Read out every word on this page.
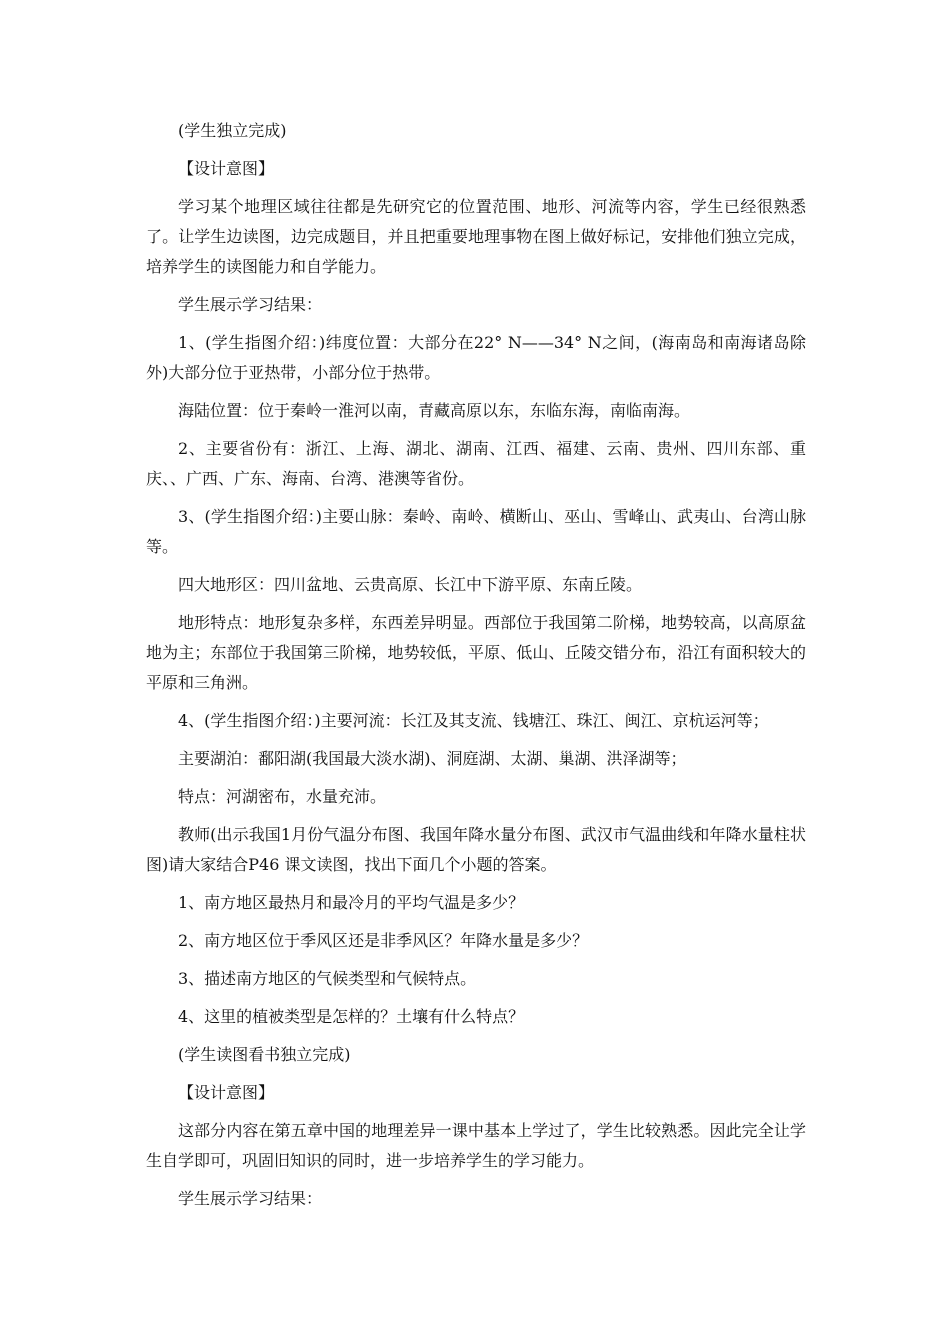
(学生独立完成)

【设计意图】

学习某个地理区域往往都是先研究它的位置范围、地形、河流等内容，学生已经很熟悉了。让学生边读图，边完成题目，并且把重要地理事物在图上做好标记，安排他们独立完成，培养学生的读图能力和自学能力。

学生展示学习结果：

1、(学生指图介绍：)纬度位置：大部分在22° N——34° N之间，(海南岛和南海诸岛除外)大部分位于亚热带，小部分位于热带。

海陆位置：位于秦岭一淮河以南，青藏高原以东，东临东海，南临南海。

2、主要省份有：浙江、上海、湖北、湖南、江西、福建、云南、贵州、四川东部、重庆、、广西、广东、海南、台湾、港澳等省份。

3、(学生指图介绍：)主要山脉：秦岭、南岭、横断山、巫山、雪峰山、武夷山、台湾山脉等。

四大地形区：四川盆地、云贵高原、长江中下游平原、东南丘陵。

地形特点：地形复杂多样，东西差异明显。西部位于我国第二阶梯，地势较高，以高原盆地为主；东部位于我国第三阶梯，地势较低，平原、低山、丘陵交错分布，沿江有面积较大的平原和三角洲。

4、(学生指图介绍：)主要河流：长江及其支流、钱塘江、珠江、闽江、京杭运河等；

主要湖泊：鄱阳湖(我国最大淡水湖)、洞庭湖、太湖、巢湖、洪泽湖等；

特点：河湖密布，水量充沛。

教师(出示我国1月份气温分布图、我国年降水量分布图、武汉市气温曲线和年降水量柱状图)请大家结合P46 课文读图，找出下面几个小题的答案。

1、南方地区最热月和最冷月的平均气温是多少？

2、南方地区位于季风区还是非季风区？年降水量是多少？

3、描述南方地区的气候类型和气候特点。

4、这里的植被类型是怎样的？土壤有什么特点？

(学生读图看书独立完成)

【设计意图】

这部分内容在第五章中国的地理差异一课中基本上学过了，学生比较熟悉。因此完全让学生自学即可，巩固旧知识的同时，进一步培养学生的学习能力。

学生展示学习结果：
